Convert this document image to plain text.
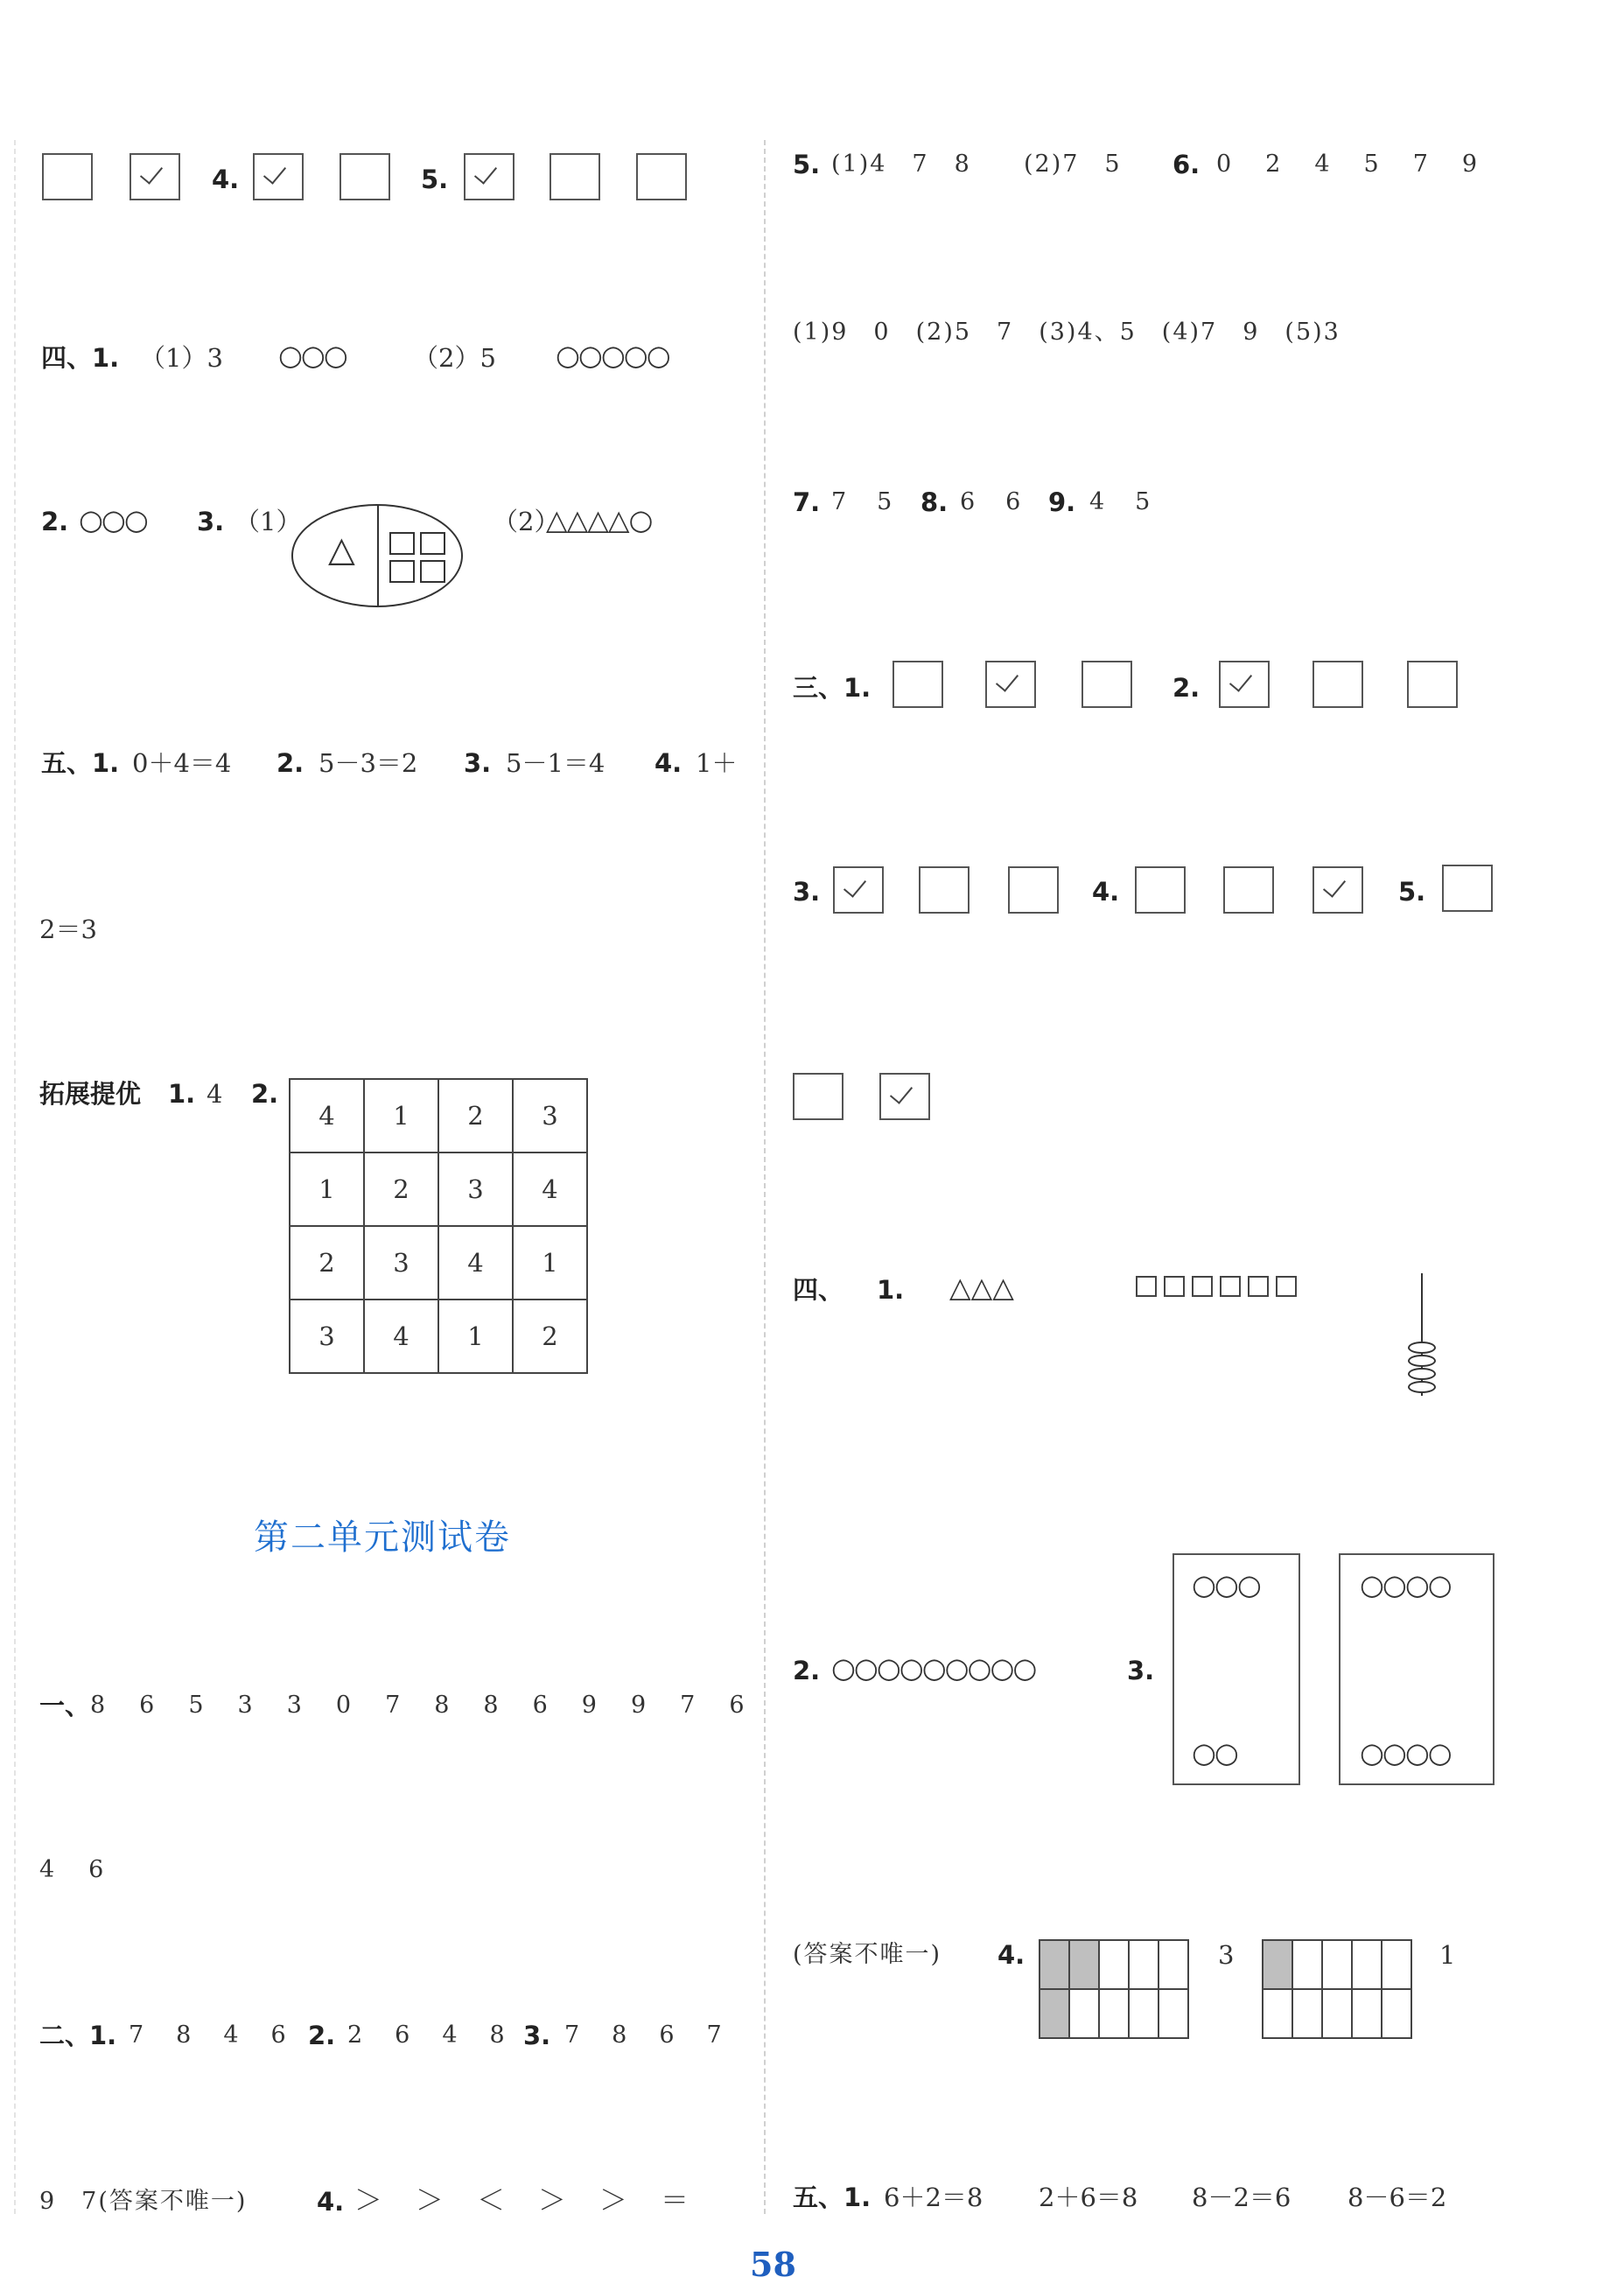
4.	5.
四、1. （1）3 ○○○	（2）5 ○○○○○
2. ○○○ 3. （1）
△
（2）
△△△△○
五、1. 0＋4＝4 2. 5－3＝2 3. 5－1＝4 4. 1＋
2＝3
拓展提优 1. 4 2.
4	1	2	3
1	2	3	4
2	3	4	1
3	4	1	2
第二单元测试卷
一、 8　6　5　3　3　0　7　8　8　6　9　9　7　6
4　6
二、
1. 7　8　4　6 2. 2　6　4　8 3. 7　8　6　7
9　7(答案不唯一)	4. ＞　＞　＜　＞　＞　＝
5. (1)4　7　8 (2)7　5 6. 0　2　4　5　7　9
(1)9　0　(2)5　7　(3)4、5　(4)7　9　(5)3
7. 7　5 8. 6　6 9. 4　5
三、1.	2.
3.	4.	5.
四、 1. △△△
2. ○○○○○○○○○	3.
○○○
○○
○○○○
○○○○
(答案不唯一) 4.

					3

					1
五、1. 6＋2＝8 2＋6＝8 8－2＝6 8－6＝2
58
